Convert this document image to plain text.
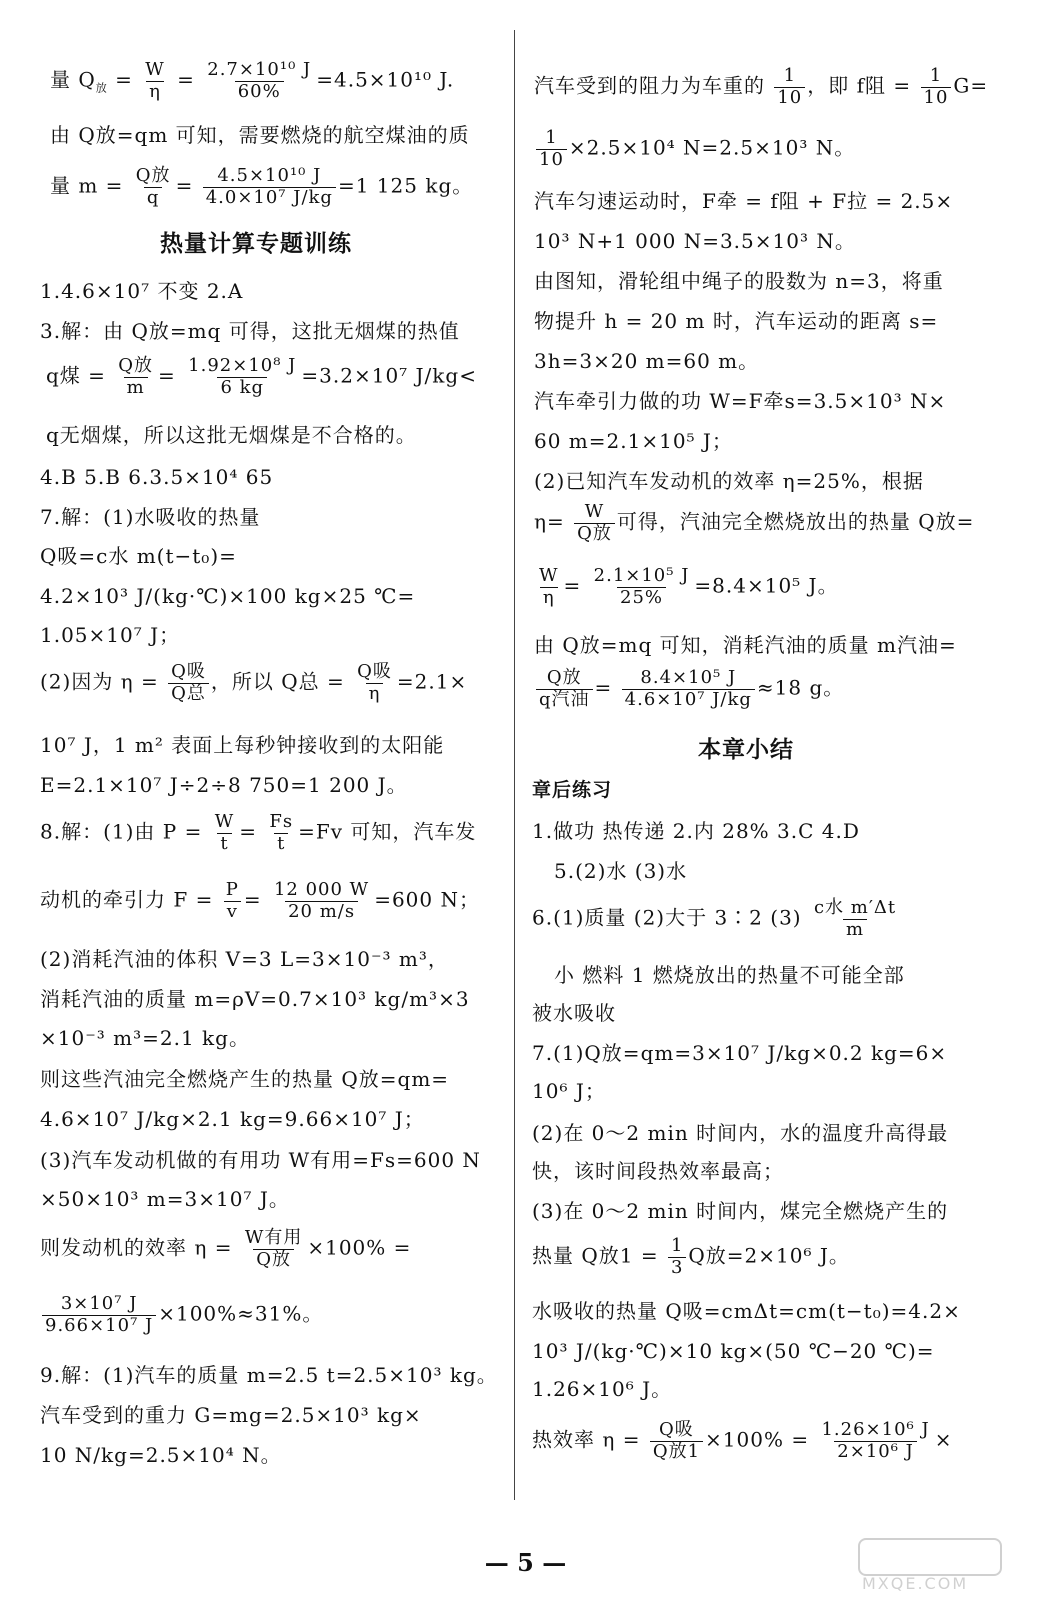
量 $Q_放 = \frac{W}{\eta} = \frac{\text{2.7×10¹⁰ J}}{60\%} =4.5\times 10^{10}$ J.
由 Q放=qm 可知，需要燃烧的航空煤油的质
量 $m = \frac{\text{Q放}}{q} = \frac{\text{4.5×10¹⁰ J}}{\text{4.0×10⁷ J/kg}} =1$ 125 kg。
热量计算专题训练
1.4.6×10⁷ 不变 2.A
3.解：由 Q放=mq 可得，这批无烟煤的热值
q煤 = $\frac{\text{Q放}}{m} = \frac{\text{1.92×10⁸ J}}{6 kg} =3.2\times 10^7$ J/kg<
q无烟煤，所以这批无烟煤是不合格的。
4.B 5.B 6.3.5×10⁴ 65
7.解：(1)水吸收的热量
Q吸=c水 m(t−t₀)=
4.2×10³ J/(kg·℃)×100 kg×25 ℃=
1.05×10⁷ J；
(2)因为 $\eta = \frac{\text{Q吸}}{\text{Q总}}$ ，所以 Q总 = $\frac{\text{Q吸}}{\eta} =2.1\times$
10⁷ J，1 m² 表面上每秒钟接收到的太阳能
E=2.1×10⁷ J÷2÷8 750=1 200 J。
8.解：(1)由 $P = \frac{W}{t} = \frac{Fs}{t} =Fv$ 可知，汽车发
动机的牵引力 $F = \frac{P}{v} = \frac{12 000 W}{20 m/s} =600$ N；
(2)消耗汽油的体积 V=3 L=3×10⁻³ m³，
消耗汽油的质量 m=ρV=0.7×10³ kg/m³×3
×10⁻³ m³=2.1 kg。
则这些汽油完全燃烧产生的热量 Q放=qm=
4.6×10⁷ J/kg×2.1 kg=9.66×10⁷ J；
(3)汽车发动机做的有用功 W有用=Fs=600 N
×50×10³ m=3×10⁷ J。
则发动机的效率 $\eta = \frac{\text{W有用}}{\text{Q放}} \times 100\%$ =
$\frac{\text{3×10⁷ J}}{\text{9.66×10⁷ J}} \times 100\%\approx 31\%$。
9.解：(1)汽车的质量 m=2.5 t=2.5×10³ kg。
汽车受到的重力 G=mg=2.5×10³ kg×
10 N/kg=2.5×10⁴ N。
汽车受到的阻力为车重的 $\frac{1}{10}$ ，即 f阻 = $\frac{1}{10} G=$
$\frac{1}{10} \times 2.5\times 10^4$ N=2.5×10³ N。
汽车匀速运动时，F牵 = f阻 + F拉 = 2.5×
10³ N+1 000 N=3.5×10³ N。
由图知，滑轮组中绳子的股数为 n=3，将重
物提升 h = 20 m 时，汽车运动的距离 s=
3h=3×20 m=60 m。
汽车牵引力做的功 W=F牵s=3.5×10³ N×
60 m=2.1×10⁵ J；
(2)已知汽车发动机的效率 η=25%，根据
$\eta= \frac{W}{\text{Q放}}$ 可得，汽油完全燃烧放出的热量 Q放=
$\frac{W}{\eta} = \frac{\text{2.1×10⁵ J}}{25\%} =8.4\times 10^5$ J。
由 Q放=mq 可知，消耗汽油的质量 m汽油=
$\frac{\text{Q放}}{\text{q汽油}} = \frac{\text{8.4×10⁵ J}}{\text{4.6×10⁷ J/kg}} \approx 18$ g。
本章小结
章后练习
1.做功 热传递 2.内 28% 3.C 4.D
5.(2)水 (3)水
6.(1)质量 (2)大于 3∶2 $(3) \frac{\text{c水 m′Δt}}{m}$
小 燃料 1 燃烧放出的热量不可能全部
被水吸收
7.(1)Q放=qm=3×10⁷ J/kg×0.2 kg=6×
10⁶ J；
(2)在 0～2 min 时间内，水的温度升高得最
快，该时间段热效率最高；
(3)在 0～2 min 时间内，煤完全燃烧产生的
热量 Q放$1 = \frac{1}{3}$ Q放=2×10⁶ J。
水吸收的热量 Q吸=cmΔt=cm(t−t₀)=4.2×
10³ J/(kg·℃)×10 kg×(50 ℃−20 ℃)=
1.26×10⁶ J。
热效率 $\eta = \frac{\text{Q吸}}{\text{Q放1}} \times 100\% = \frac{\text{1.26×10⁶ J}}{\text{2×10⁶ J}}$ ×
— 5 —
MXQE.COM
